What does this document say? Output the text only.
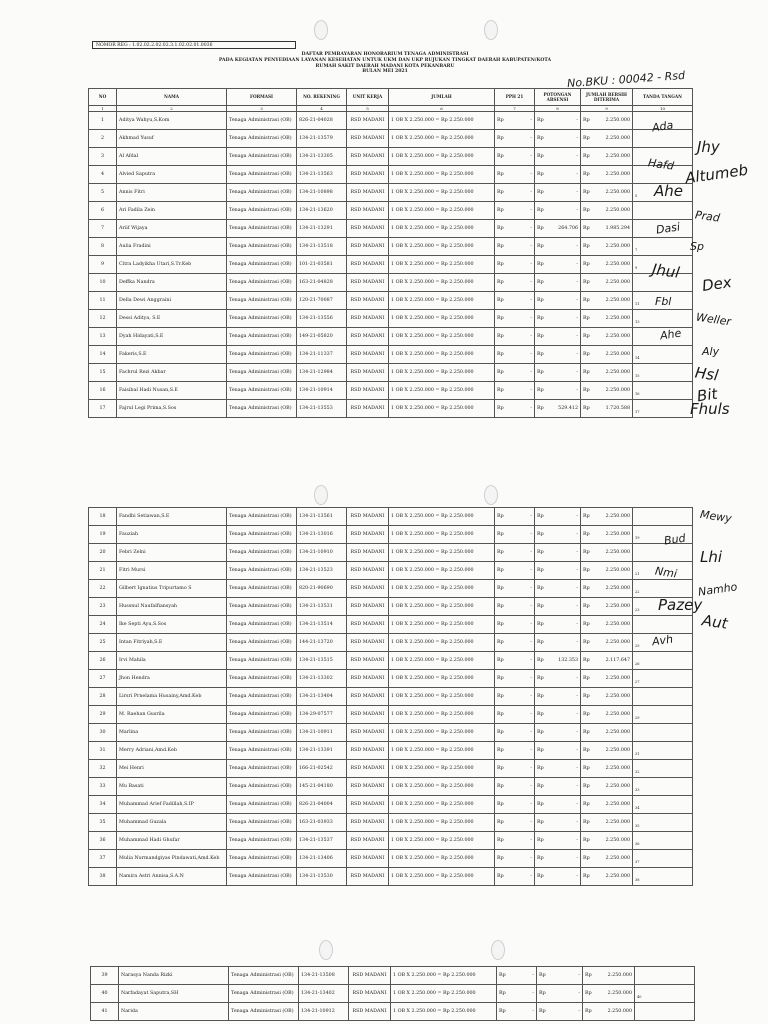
NOMOR REG : 1.02.02.2.02.02.3.1.02.02.01.0036
DAFTAR PEMBAYARAN HONORARIUM TENAGA ADMINISTRASI
PADA KEGIATAN PENYEDIAAN LAYANAN KESEHATAN UNTUK UKM DAN UKP RUJUKAN TINGKAT DAERAH KABUPATEN/KOTA
RUMAH SAKIT DAERAH MADANI KOTA PEKANBARU
BULAN MEI 2021	No.BKU : 00042 - Rsd
NO	NAMA	FORMASI	NO. REKENING	UNIT KERJA	JUMLAH	PPH 21	POTONGAN ABSENSI	JUMLAH BERSIH DITERIMA	TANDA TANGAN
1	2	3	4	5	6	7	8	9	10
1	Aditya Wahyu,S.Kom	Tenaga Administrasi (OB)	826-21-04028	RSD MADANI	1 OB X 2.250.000 = Rp 2.250.000	Rp -	Rp -	Rp 2.250.000	

2	Akhmad Yusuf	Tenaga Administrasi (OB)	134-21-13579	RSD MADANI	1 OB X 2.250.000 = Rp 2.250.000	Rp -	Rp -	Rp 2.250.000	

3	Al Afdal	Tenaga Administrasi (OB)	134-21-13305	RSD MADANI	1 OB X 2.250.000 = Rp 2.250.000	Rp -	Rp -	Rp 2.250.000	

4	Alvied Saputra	Tenaga Administrasi (OB)	134-21-13563	RSD MADANI	1 OB X 2.250.000 = Rp 2.250.000	Rp -	Rp -	Rp 2.250.000	

5	Annis Fitri	Tenaga Administrasi (OB)	134-21-10898	RSD MADANI	1 OB X 2.250.000 = Rp 2.250.000	Rp -	Rp -	Rp 2.250.000	$_5$
6	Ari Fadila Zein	Tenaga Administrasi (OB)	134-21-13620	RSD MADANI	1 OB X 2.250.000 = Rp 2.250.000	Rp -	Rp -	Rp 2.250.000	

7	Ariif Wijaya	Tenaga Administrasi (OB)	134-21-13291	RSD MADANI	1 OB X 2.250.000 = Rp 2.250.000	Rp -	Rp 264.706	Rp 1.985.294	

8	Aulia Fradini	Tenaga Administrasi (OB)	134-21-13518	RSD MADANI	1 OB X 2.250.000 = Rp 2.250.000	Rp -	Rp -	Rp 2.250.000	$_7$
9	Citra Ladyikha Utari,S.Tr.Keb	Tenaga Administrasi (OB)	101-21-03581	RSD MADANI	1 OB X 2.250.000 = Rp 2.250.000	Rp -	Rp -	Rp 2.250.000	$_9$
10	Deffka Nandra	Tenaga Administrasi (OB)	163-21-04828	RSD MADANI	1 OB X 2.250.000 = Rp 2.250.000	Rp -	Rp -	Rp 2.250.000	

11	Della Dewi Anggraini	Tenaga Administrasi (OB)	120-21-70087	RSD MADANI	1 OB X 2.250.000 = Rp 2.250.000	Rp -	Rp -	Rp 2.250.000	$_{11}$
12	Dessi Aditya, S.E	Tenaga Administrasi (OB)	134-21-13556	RSD MADANI	1 OB X 2.250.000 = Rp 2.250.000	Rp -	Rp -	Rp 2.250.000	$_{13}$
13	Dyah Hidayati,S.E	Tenaga Administrasi (OB)	149-21-05820	RSD MADANI	1 OB X 2.250.000 = Rp 2.250.000	Rp -	Rp -	Rp 2.250.000	

14	Fakeris,S.E	Tenaga Administrasi (OB)	134-21-11337	RSD MADANI	1 OB X 2.250.000 = Rp 2.250.000	Rp -	Rp -	Rp 2.250.000	$_{14}$
15	Fachrul Rezi Akbar	Tenaga Administrasi (OB)	134-21-12984	RSD MADANI	1 OB X 2.250.000 = Rp 2.250.000	Rp -	Rp -	Rp 2.250.000	$_{15}$
16	Faisibal Hadi Nusan,S.E	Tenaga Administrasi (OB)	134-21-10914	RSD MADANI	1 OB X 2.250.000 = Rp 2.250.000	Rp -	Rp -	Rp 2.250.000	$_{16}$
17	Fajrul Legi Prima,S.Sos	Tenaga Administrasi (OB)	134-21-13553	RSD MADANI	1 OB X 2.250.000 = Rp 2.250.000	Rp -	Rp 529.412	Rp 1.720.588	$_{17}$
18	Fandhi Setiawan,S.E	Tenaga Administrasi (OB)	134-21-13561	RSD MADANI	1 OB X 2.250.000 = Rp 2.250.000	Rp -	Rp -	Rp 2.250.000	

19	Fauziah	Tenaga Administrasi (OB)	134-21-13016	RSD MADANI	1 OB X 2.250.000 = Rp 2.250.000	Rp -	Rp -	Rp 2.250.000	$_{19}$
20	Febri Zelni	Tenaga Administrasi (OB)	134-21-10910	RSD MADANI	1 OB X 2.250.000 = Rp 2.250.000	Rp -	Rp -	Rp 2.250.000	

21	Fitri Mursi	Tenaga Administrasi (OB)	134-21-13523	RSD MADANI	1 OB X 2.250.000 = Rp 2.250.000	Rp -	Rp -	Rp 2.250.000	$_{21}$
22	Gilbert Ignatius Tripurtamo S	Tenaga Administrasi (OB)	820-21-90690	RSD MADANI	1 OB X 2.250.000 = Rp 2.250.000	Rp -	Rp -	Rp 2.250.000	$_{22}$
23	Hussnul Naufalfiansyah	Tenaga Administrasi (OB)	134-21-13531	RSD MADANI	1 OB X 2.250.000 = Rp 2.250.000	Rp -	Rp -	Rp 2.250.000	$_{23}$
24	Ike Septi Ayu,S.Sos	Tenaga Administrasi (OB)	134-21-13514	RSD MADANI	1 OB X 2.250.000 = Rp 2.250.000	Rp -	Rp -	Rp 2.250.000	

25	Intan Fitriyah,S.E	Tenaga Administrasi (OB)	144-21-13720	RSD MADANI	1 OB X 2.250.000 = Rp 2.250.000	Rp -	Rp -	Rp 2.250.000	$_{25}$
26	Irvi Mahila	Tenaga Administrasi (OB)	134-21-13515	RSD MADANI	1 OB X 2.250.000 = Rp 2.250.000	Rp -	Rp 132.353	Rp 2.117.647	$_{26}$
27	Jhon Hendra	Tenaga Administrasi (OB)	134-21-13302	RSD MADANI	1 OB X 2.250.000 = Rp 2.250.000	Rp -	Rp -	Rp 2.250.000	$_{27}$
28	Lirsri Prnelama Husainy,Amd.Keb	Tenaga Administrasi (OB)	134-21-13404	RSD MADANI	1 OB X 2.250.000 = Rp 2.250.000	Rp -	Rp -	Rp 2.250.000	

29	M. Raehan Gusrila	Tenaga Administrasi (OB)	134-29-07577	RSD MADANI	1 OB X 2.250.000 = Rp 2.250.000	Rp -	Rp -	Rp 2.250.000	$_{29}$
30	Marlina	Tenaga Administrasi (OB)	134-21-10911	RSD MADANI	1 OB X 2.250.000 = Rp 2.250.000	Rp -	Rp -	Rp 2.250.000	

31	Merry Adriani,Amd.Keb	Tenaga Administrasi (OB)	134-21-13391	RSD MADANI	1 OB X 2.250.000 = Rp 2.250.000	Rp -	Rp -	Rp 2.250.000	$_{31}$
32	Mei Henri	Tenaga Administrasi (OB)	166-21-02542	RSD MADANI	1 OB X 2.250.000 = Rp 2.250.000	Rp -	Rp -	Rp 2.250.000	$_{32}$
33	Mu Basati	Tenaga Administrasi (OB)	145-21-04180	RSD MADANI	1 OB X 2.250.000 = Rp 2.250.000	Rp -	Rp -	Rp 2.250.000	$_{33}$
34	Muhammad Arief Fadillah,S.IP	Tenaga Administrasi (OB)	826-21-04004	RSD MADANI	1 OB X 2.250.000 = Rp 2.250.000	Rp -	Rp -	Rp 2.250.000	$_{34}$
35	Muhammad Guzala	Tenaga Administrasi (OB)	163-21-03933	RSD MADANI	1 OB X 2.250.000 = Rp 2.250.000	Rp -	Rp -	Rp 2.250.000	$_{35}$
36	Muhammad Hadi Ghufar	Tenaga Administrasi (OB)	134-21-13537	RSD MADANI	1 OB X 2.250.000 = Rp 2.250.000	Rp -	Rp -	Rp 2.250.000	$_{36}$
37	Mulia Nurmandgiyas Pindawati,Amd.Keb	Tenaga Administrasi (OB)	134-21-13406	RSD MADANI	1 OB X 2.250.000 = Rp 2.250.000	Rp -	Rp -	Rp 2.250.000	$_{37}$
38	Namira Astri Annisa,S.A.N	Tenaga Administrasi (OB)	134-21-13530	RSD MADANI	1 OB X 2.250.000 = Rp 2.250.000	Rp -	Rp -	Rp 2.250.000	$_{38}$
39	Narasya Nanda Rizki	Tenaga Administrasi (OB)	134-21-13508	RSD MADANI	1 OB X 2.250.000 = Rp 2.250.000	Rp -	Rp -	Rp 2.250.000	

40	Narfadayat Saputra,SH	Tenaga Administrasi (OB)	134-21-13402	RSD MADANI	1 OB X 2.250.000 = Rp 2.250.000	Rp -	Rp -	Rp 2.250.000	$_{40}$
41	Narida	Tenaga Administrasi (OB)	134-21-10912	RSD MADANI	1 OB X 2.250.000 = Rp 2.250.000	Rp -	Rp -	Rp 2.250.000	

Ada
Jhy
Hafd Altumeb
Ahe
Prad
Dasi
Sp
Jhul
Dex
Fbl
Weller
Ahe
Aly
Hsl
Bit
Fhuls
Mewy
Bud
Lhi
Nmi
Namho
Pazey
Aut
Avh
